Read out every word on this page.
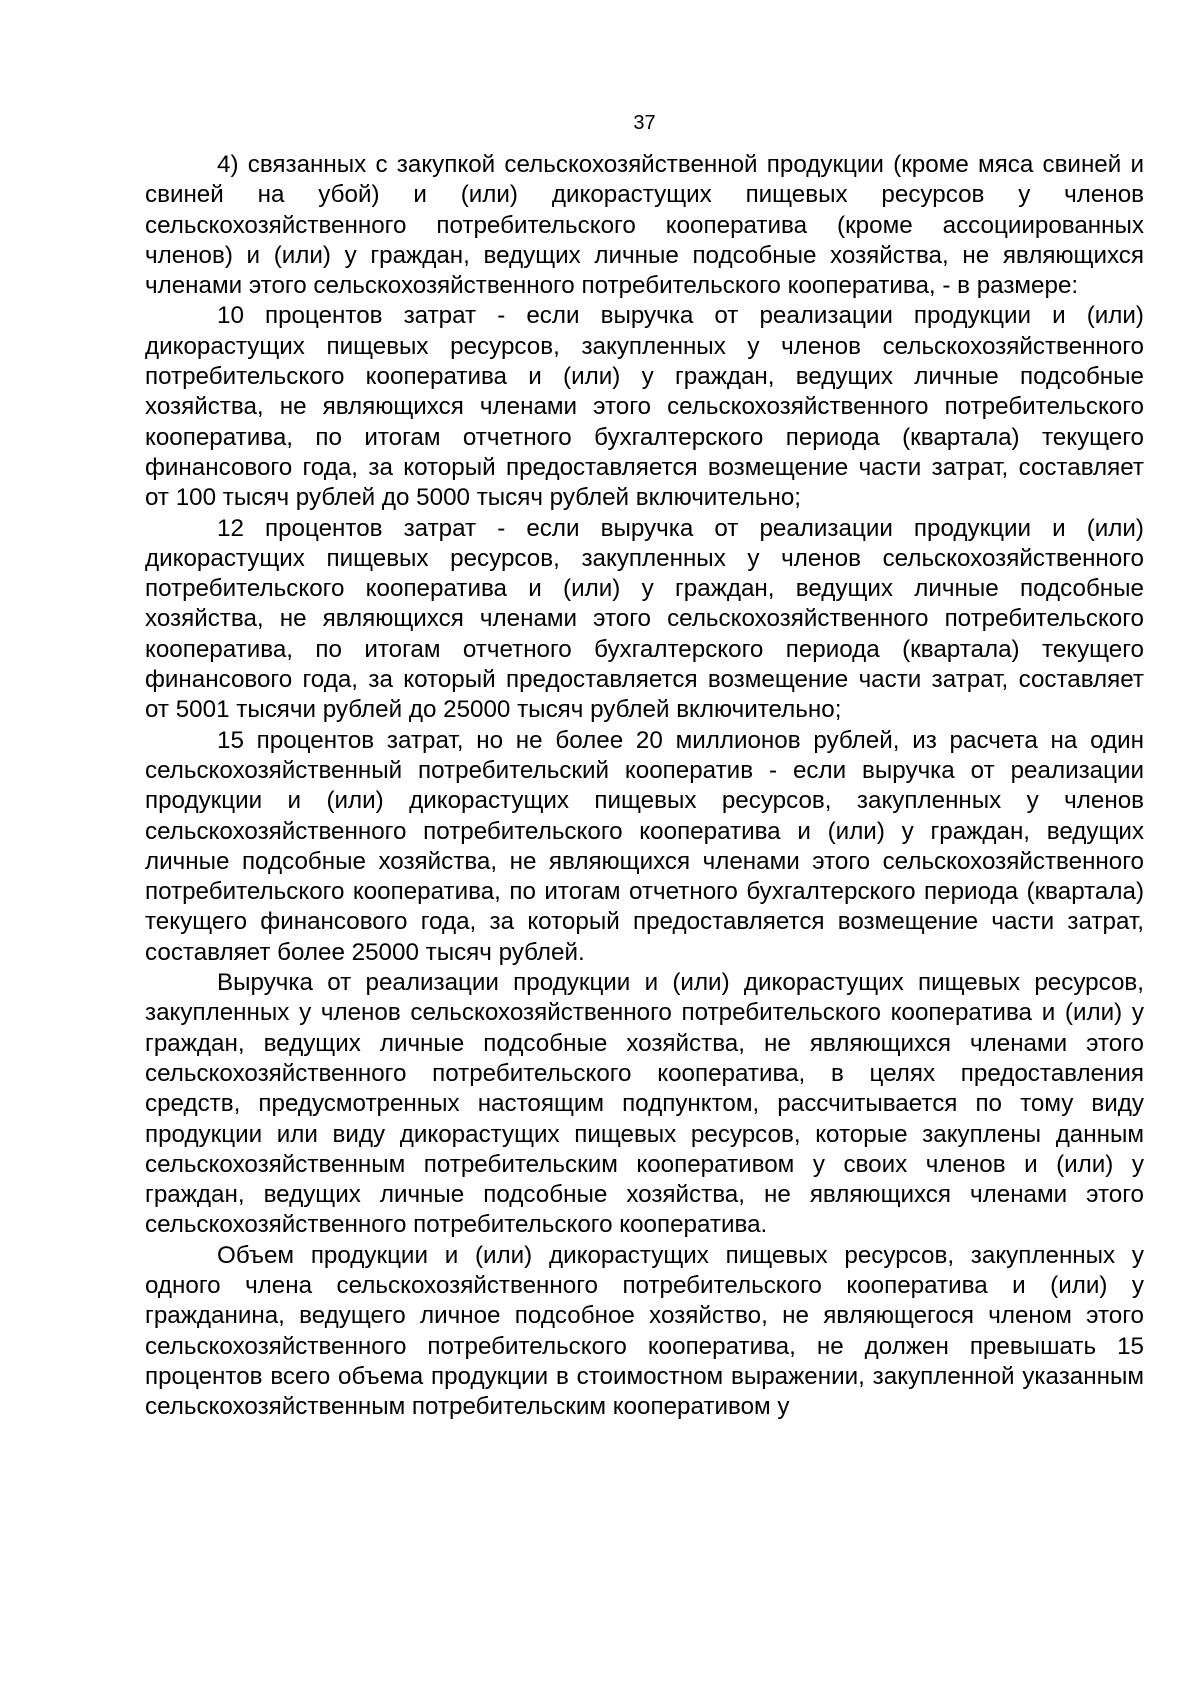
37

4) связанных с закупкой сельскохозяйственной продукции (кроме мяса свиней и свиней на убой) и (или) дикорастущих пищевых ресурсов у членов сельскохозяйственного потребительского кооператива (кроме ассоциированных членов) и (или) у граждан, ведущих личные подсобные хозяйства, не являющихся членами этого сельскохозяйственного потребительского кооператива, - в размере:

10 процентов затрат - если выручка от реализации продукции и (или) дикорастущих пищевых ресурсов, закупленных у членов сельскохозяйственного потребительского кооператива и (или) у граждан, ведущих личные подсобные хозяйства, не являющихся членами этого сельскохозяйственного потребительского кооператива, по итогам отчетного бухгалтерского периода (квартала) текущего финансового года, за который предоставляется возмещение части затрат, составляет от 100 тысяч рублей до 5000 тысяч рублей включительно;

12 процентов затрат - если выручка от реализации продукции и (или) дикорастущих пищевых ресурсов, закупленных у членов сельскохозяйственного потребительского кооператива и (или) у граждан, ведущих личные подсобные хозяйства, не являющихся членами этого сельскохозяйственного потребительского кооператива, по итогам отчетного бухгалтерского периода (квартала) текущего финансового года, за который предоставляется возмещение части затрат, составляет от 5001 тысячи рублей до 25000 тысяч рублей включительно;

15 процентов затрат, но не более 20 миллионов рублей, из расчета на один сельскохозяйственный потребительский кооператив - если выручка от реализации продукции и (или) дикорастущих пищевых ресурсов, закупленных у членов сельскохозяйственного потребительского кооператива и (или) у граждан, ведущих личные подсобные хозяйства, не являющихся членами этого сельскохозяйственного потребительского кооператива, по итогам отчетного бухгалтерского периода (квартала) текущего финансового года, за который предоставляется возмещение части затрат, составляет более 25000 тысяч рублей.

Выручка от реализации продукции и (или) дикорастущих пищевых ресурсов, закупленных у членов сельскохозяйственного потребительского кооператива и (или) у граждан, ведущих личные подсобные хозяйства, не являющихся членами этого сельскохозяйственного потребительского кооператива, в целях предоставления средств, предусмотренных настоящим подпунктом, рассчитывается по тому виду продукции или виду дикорастущих пищевых ресурсов, которые закуплены данным сельскохозяйственным потребительским кооперативом у своих членов и (или) у граждан, ведущих личные подсобные хозяйства, не являющихся членами этого сельскохозяйственного потребительского кооператива.

Объем продукции и (или) дикорастущих пищевых ресурсов, закупленных у одного члена сельскохозяйственного потребительского кооператива и (или) у гражданина, ведущего личное подсобное хозяйство, не являющегося членом этого сельскохозяйственного потребительского кооператива, не должен превышать 15 процентов всего объема продукции в стоимостном выражении, закупленной указанным сельскохозяйственным потребительским кооперативом у
